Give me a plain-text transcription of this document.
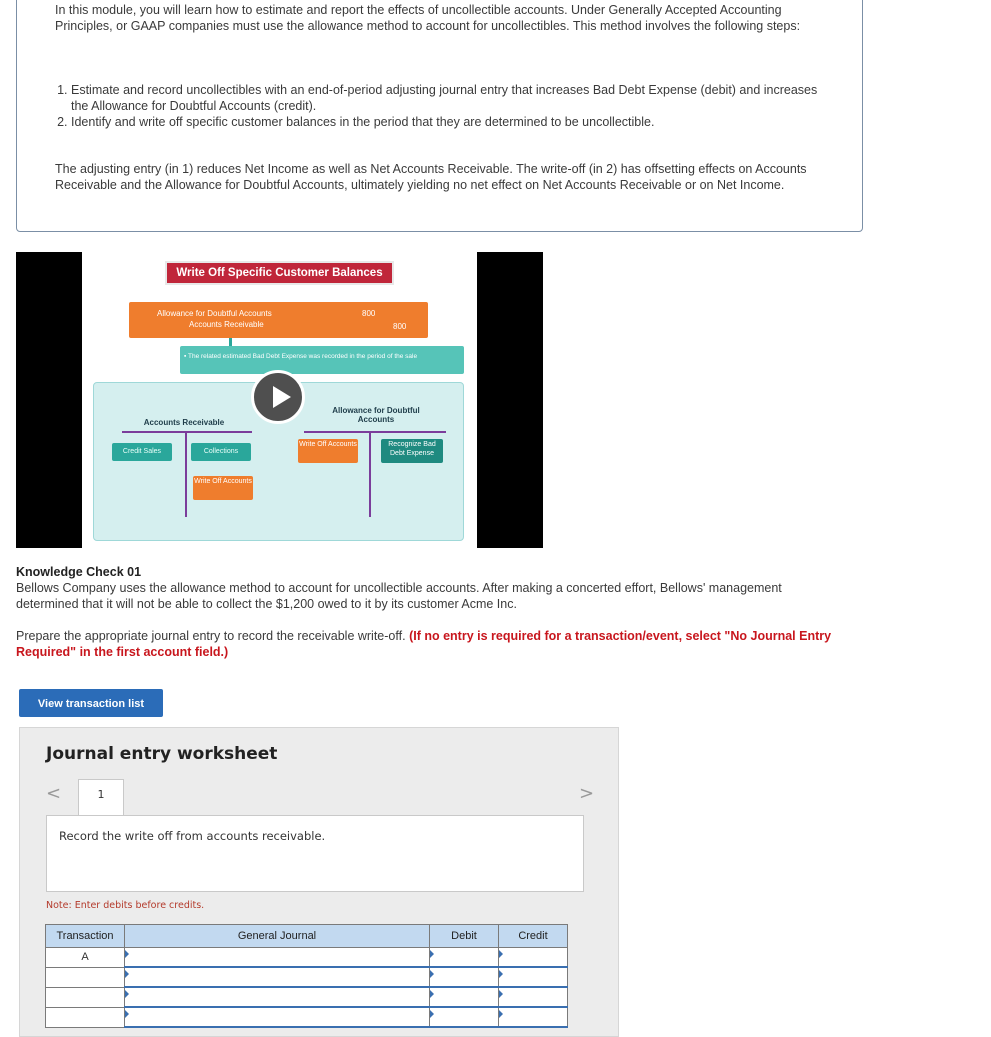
In this module, you will learn how to estimate and report the effects of uncollectible accounts. Under Generally Accepted Accounting Principles, or GAAP companies must use the allowance method to account for uncollectibles. This method involves the following steps:

1. Estimate and record uncollectibles with an end-of-period adjusting journal entry that increases Bad Debt Expense (debit) and increases the Allowance for Doubtful Accounts (credit).
2. Identify and write off specific customer balances in the period that they are determined to be uncollectible.

The adjusting entry (in 1) reduces Net Income as well as Net Accounts Receivable. The write-off (in 2) has offsetting effects on Accounts Receivable and the Allowance for Doubtful Accounts, ultimately yielding no net effect on Net Accounts Receivable or on Net Income.

Write Off Specific Customer Balances
Allowance for Doubtful Accounts
Accounts Receivable
800
800
▪ The related estimated Bad Debt Expense was recorded in the period of the sale
Accounts Receivable
Credit Sales	Collections
Write Off Accounts
Allowance for Doubtful Accounts
Write Off Accounts	Recognize Bad Debt Expense
Knowledge Check 01

Bellows Company uses the allowance method to account for uncollectible accounts. After making a concerted effort, Bellows' management determined that it will not be able to collect the $1,200 owed to it by its customer Acme Inc.

Prepare the appropriate journal entry to record the receivable write-off. (If no entry is required for a transaction/event, select "No Journal Entry Required" in the first account field.)

View transaction list
Journal entry worksheet
<	1	>
Record the write off from accounts receivable.
Note: Enter debits before credits.
Transaction	General Journal	Debit	Credit
A			
